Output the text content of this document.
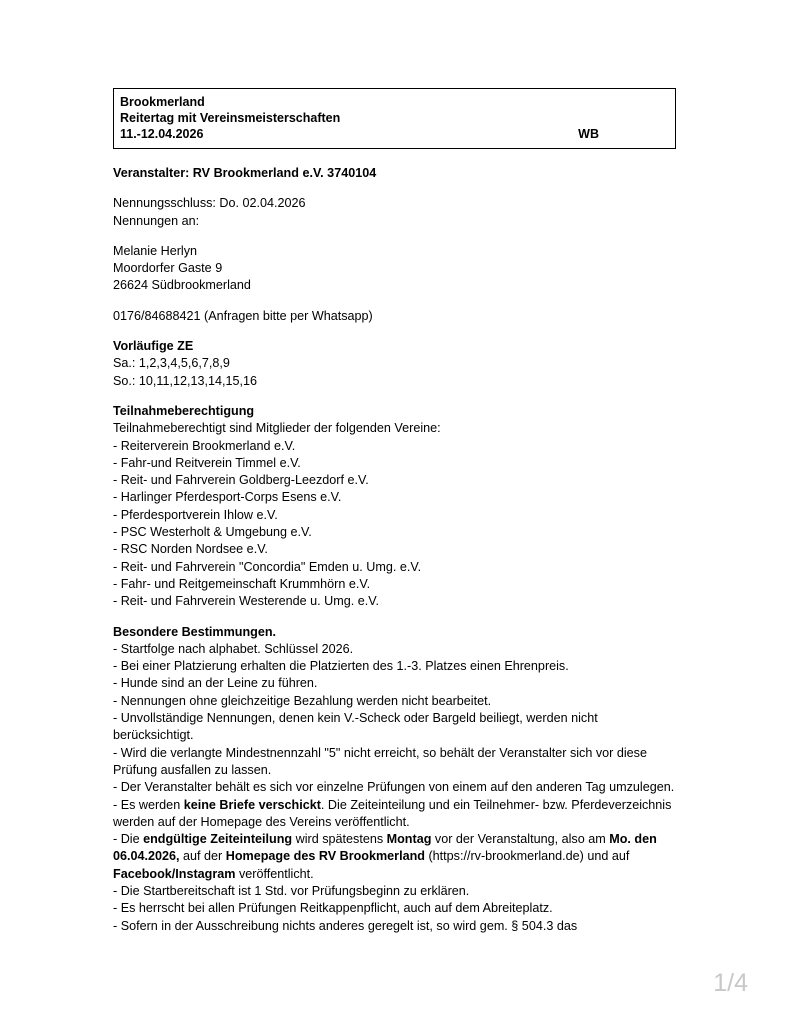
Brookmerland
Reitertag mit Vereinsmeisterschaften
11.-12.04.2026	WB
Veranstalter: RV Brookmerland e.V. 3740104
Nennungsschluss: Do. 02.04.2026
Nennungen an:
Melanie Herlyn
Moordorfer Gaste 9
26624 Südbrookmerland
0176/84688421 (Anfragen bitte per Whatsapp)
Vorläufige ZE
Sa.: 1,2,3,4,5,6,7,8,9
So.: 10,11,12,13,14,15,16
Teilnahmeberechtigung
Teilnahmeberechtigt sind Mitglieder der folgenden Vereine:
- Reiterverein Brookmerland e.V.
- Fahr-und Reitverein Timmel e.V.
- Reit- und Fahrverein Goldberg-Leezdorf e.V.
- Harlinger Pferdesport-Corps Esens e.V.
- Pferdesportverein Ihlow e.V.
- PSC Westerholt & Umgebung e.V.
- RSC Norden Nordsee e.V.
- Reit- und Fahrverein "Concordia" Emden u. Umg. e.V.
- Fahr- und Reitgemeinschaft Krummhörn e.V.
- Reit- und Fahrverein Westerende u. Umg. e.V.
Besondere Bestimmungen.
- Startfolge nach alphabet. Schlüssel 2026.
- Bei einer Platzierung erhalten die Platzierten des 1.-3. Platzes einen Ehrenpreis.
- Hunde sind an der Leine zu führen.
- Nennungen ohne gleichzeitige Bezahlung werden nicht bearbeitet.
- Unvollständige Nennungen, denen kein V.-Scheck oder Bargeld beiliegt, werden nicht berücksichtigt.
- Wird die verlangte Mindestnennzahl "5" nicht erreicht, so behält der Veranstalter sich vor diese Prüfung ausfallen zu lassen.
- Der Veranstalter behält es sich vor einzelne Prüfungen von einem auf den anderen Tag umzulegen.
- Es werden keine Briefe verschickt. Die Zeiteinteilung und ein Teilnehmer- bzw. Pferdeverzeichnis werden auf der Homepage des Vereins veröffentlicht.
- Die endgültige Zeiteinteilung wird spätestens Montag vor der Veranstaltung, also am Mo. den 06.04.2026, auf der Homepage des RV Brookmerland (https://rv-brookmerland.de) und auf Facebook/Instagram veröffentlicht.
- Die Startbereitschaft ist 1 Std. vor Prüfungsbeginn zu erklären.
- Es herrscht bei allen Prüfungen Reitkappenpflicht, auch auf dem Abreiteplatz.
- Sofern in der Ausschreibung nichts anderes geregelt ist, so wird gem. § 504.3 das
1/4
